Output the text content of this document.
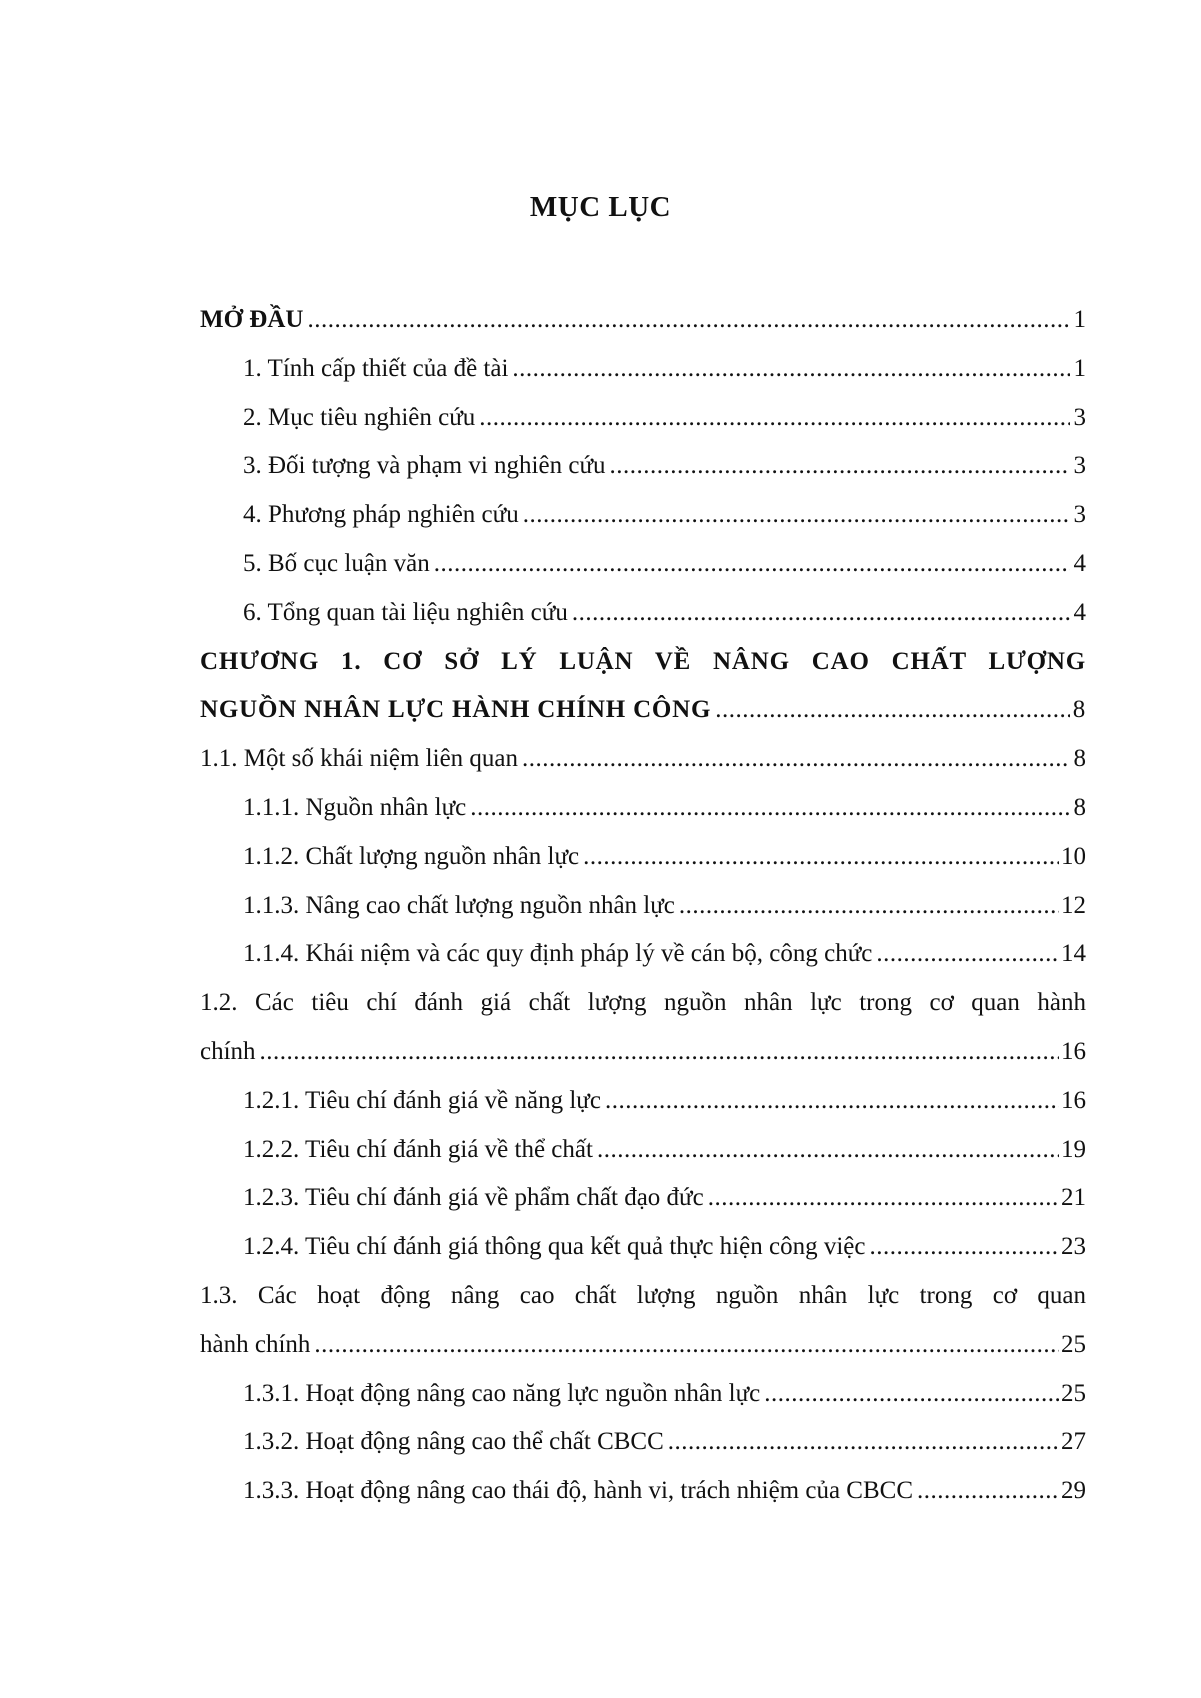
MỤC LỤC
MỞ ĐẦU .....	1
1. Tính cấp thiết của đề tài .....	1
2. Mục tiêu nghiên cứu .....	3
3. Đối tượng và phạm vi nghiên cứu .....	3
4. Phương pháp nghiên cứu .....	3
5. Bố cục luận văn .....	4
6. Tổng quan tài liệu nghiên cứu .....	4
CHƯƠNG 1. CƠ SỞ LÝ LUẬN VỀ NÂNG CAO CHẤT LƯỢNG
NGUỒN NHÂN LỰC HÀNH CHÍNH CÔNG .....	8
1.1. Một số khái niệm liên quan .....	8
1.1.1. Nguồn nhân lực .....	8
1.1.2. Chất lượng nguồn nhân lực .....	10
1.1.3. Nâng cao chất lượng nguồn nhân lực .....	12
1.1.4. Khái niệm và các quy định pháp lý về cán bộ, công chức .....	14
1.2. Các tiêu chí đánh giá chất lượng nguồn nhân lực trong cơ quan hành
chính .....	16
1.2.1. Tiêu chí đánh giá về năng lực .....	16
1.2.2. Tiêu chí đánh giá về thể chất .....	19
1.2.3. Tiêu chí đánh giá về phẩm chất đạo đức .....	21
1.2.4. Tiêu chí đánh giá thông qua kết quả thực hiện công việc .....	23
1.3. Các hoạt động nâng cao chất lượng nguồn nhân lực trong cơ quan
hành chính .....	25
1.3.1. Hoạt động nâng cao năng lực nguồn nhân lực .....	25
1.3.2. Hoạt động nâng cao thể chất CBCC .....	27
1.3.3. Hoạt động nâng cao thái độ, hành vi, trách nhiệm của CBCC .....	29
